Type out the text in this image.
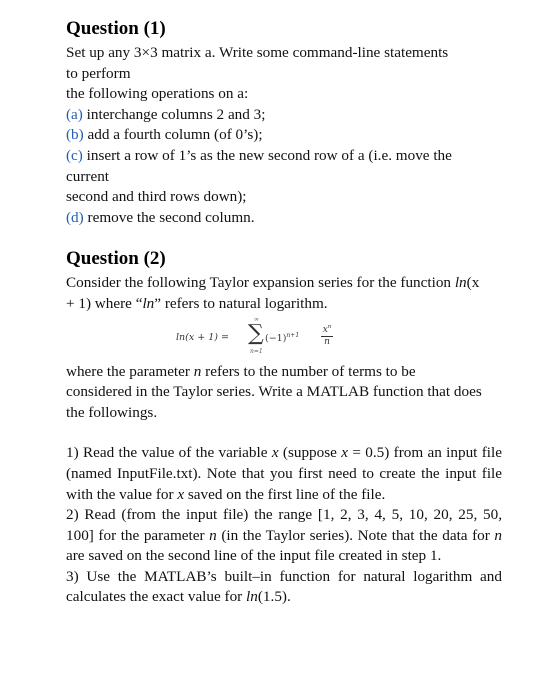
Question (1)
Set up any 3×3 matrix a. Write some command-line statements
to perform
the following operations on a:
(a) interchange columns 2 and 3;
(b) add a fourth column (of 0’s);
(c) insert a row of 1’s as the new second row of a (i.e. move the
current
second and third rows down);
(d) remove the second column.
Question (2)
Consider the following Taylor expansion series for the function ln(x
+ 1) where “ln” refers to natural logarithm.
ln(x + 1) =
∞
∑
n=1
$(-1)^{n+1} \frac{x^n}{n}$
where the parameter n refers to the number of terms to be
considered in the Taylor series. Write a MATLAB function that does
the followings.

1) Read the value of the variable x (suppose x = 0.5) from an input file (named InputFile.txt). Note that you first need to create the input file with the value for x saved on the first line of the file.

2) Read (from the input file) the range [1, 2, 3, 4, 5, 10, 20, 25, 50, 100] for the parameter n (in the Taylor series). Note that the data for n are saved on the second line of the input file created in step 1.

3) Use the MATLAB’s built–in function for natural logarithm and calculates the exact value for ln(1.5).
